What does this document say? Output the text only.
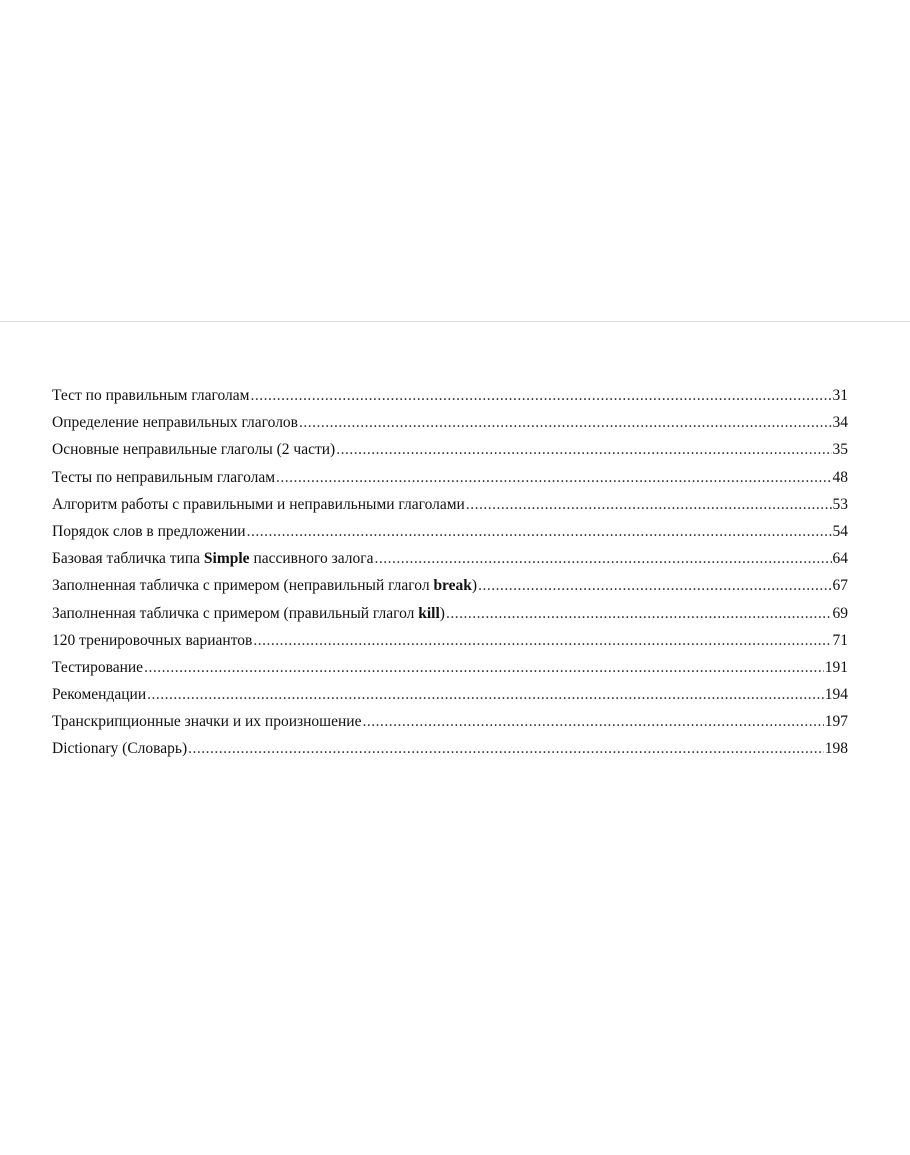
Тест по правильным глаголам .....	31
Определение неправильных глаголов .....	34
Основные неправильные глаголы (2 части) .....	35
Тесты по неправильным глаголам .....	48
Алгоритм работы с правильными и неправильными глаголами .....	53
Порядок слов в предложении .....	54
Базовая табличка типа Simple пассивного залога .....	64
Заполненная табличка с примером (неправильный глагол break) .....	67
Заполненная табличка с примером (правильный глагол kill) .....	69
120 тренировочных вариантов .....	71
Тестирование .....	191
Рекомендации .....	194
Транскрипционные значки и их произношение .....	197
Dictionary (Словарь) .....	198
